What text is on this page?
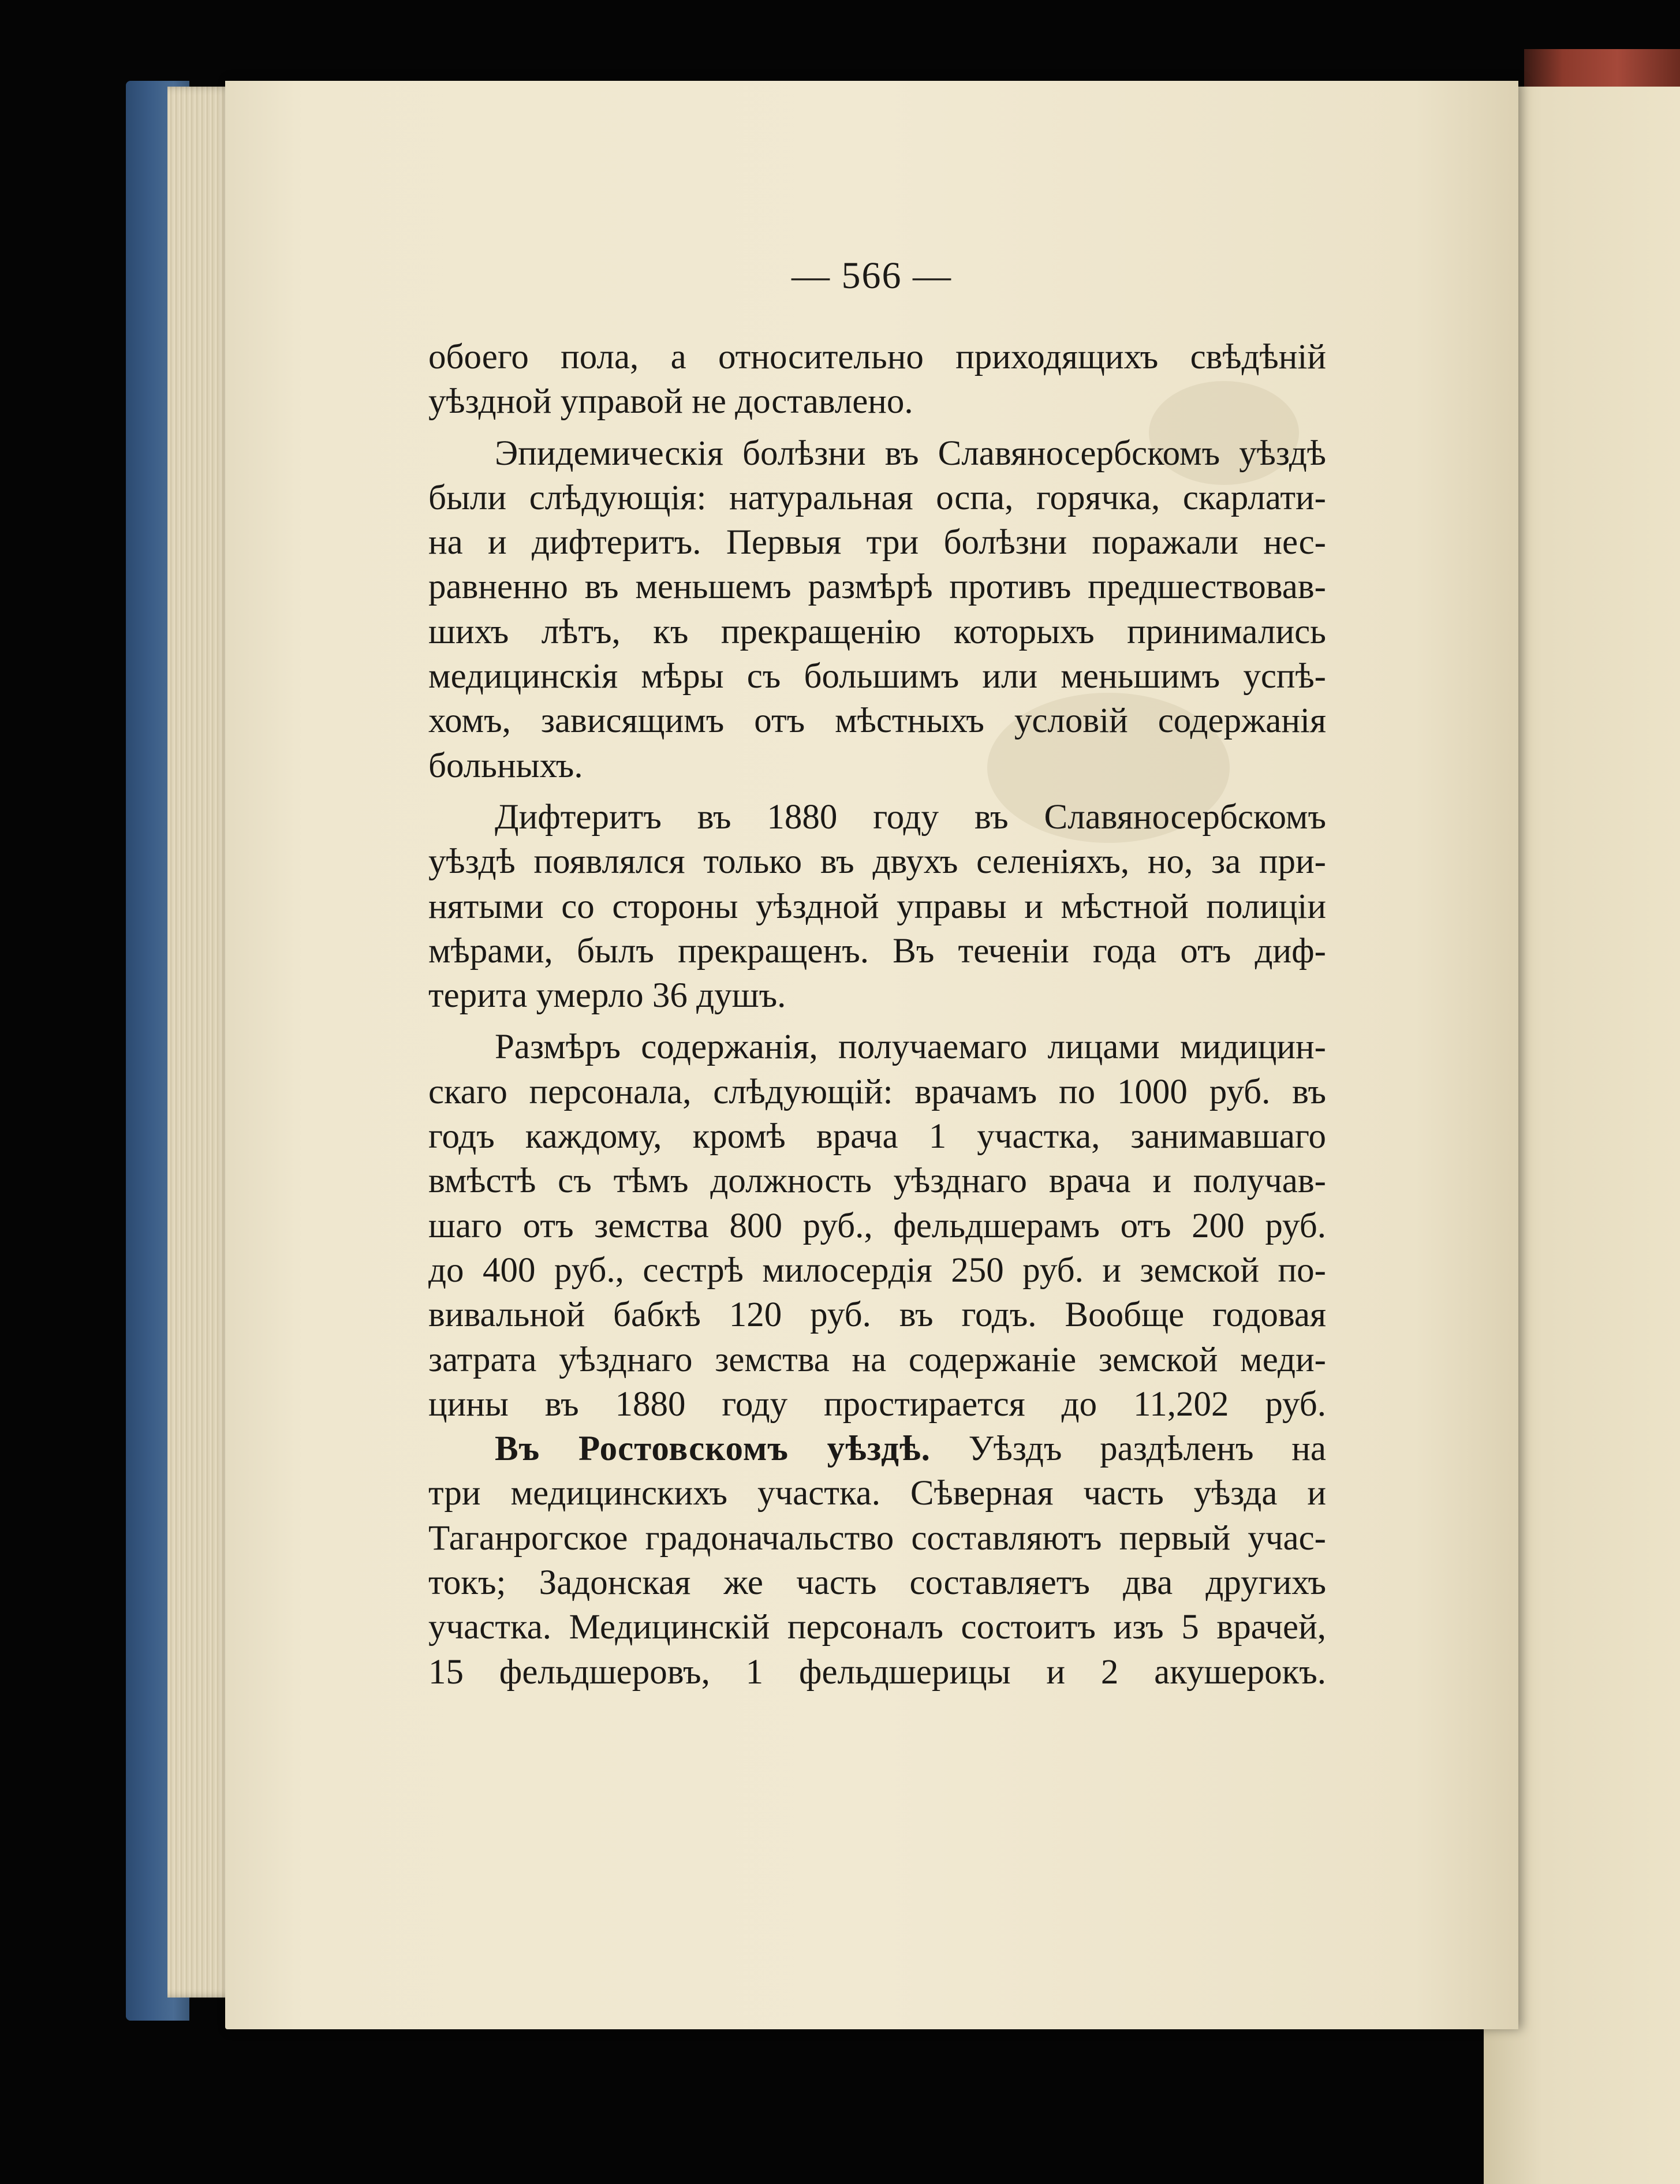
— 566 —
обоего пола, а относительно приходящихъ свѣдѣній
уѣздной управой не доставлено.
Эпидемическія болѣзни въ Славяносербскомъ уѣздѣ
были слѣдующія: натуральная оспа, горячка, скарлати-
на и дифтеритъ. Первыя три болѣзни поражали нес-
равненно въ меньшемъ размѣрѣ противъ предшествовав-
шихъ лѣтъ, къ прекращенію которыхъ принимались
медицинскія мѣры съ большимъ или меньшимъ успѣ-
хомъ, зависящимъ отъ мѣстныхъ условій содержанія
больныхъ.
Дифтеритъ въ 1880 году въ Славяносербскомъ
уѣздѣ появлялся только въ двухъ селеніяхъ, но, за при-
нятыми со стороны уѣздной управы и мѣстной полиціи
мѣрами, былъ прекращенъ. Въ теченіи года отъ диф-
терита умерло 36 душъ.
Размѣръ содержанія, получаемаго лицами мидицин-
скаго персонала, слѣдующій: врачамъ по 1000 руб. въ
годъ каждому, кромѣ врача 1 участка, занимавшаго
вмѣстѣ съ тѣмъ должность уѣзднаго врача и получав-
шаго отъ земства 800 руб., фельдшерамъ отъ 200 руб.
до 400 руб., сестрѣ милосердія 250 руб. и земской по-
вивальной бабкѣ 120 руб. въ годъ. Вообще годовая
затрата уѣзднаго земства на содержаніе земской меди-
цины въ 1880 году простирается до 11,202 руб.
Въ Ростовскомъ уѣздѣ. Уѣздъ раздѣленъ на
три медицинскихъ участка. Сѣверная часть уѣзда и
Таганрогское градоначальство составляютъ первый учас-
токъ; Задонская же часть составляетъ два другихъ
участка. Медицинскій персоналъ состоитъ изъ 5 врачей,
15 фельдшеровъ, 1 фельдшерицы и 2 акушерокъ.
